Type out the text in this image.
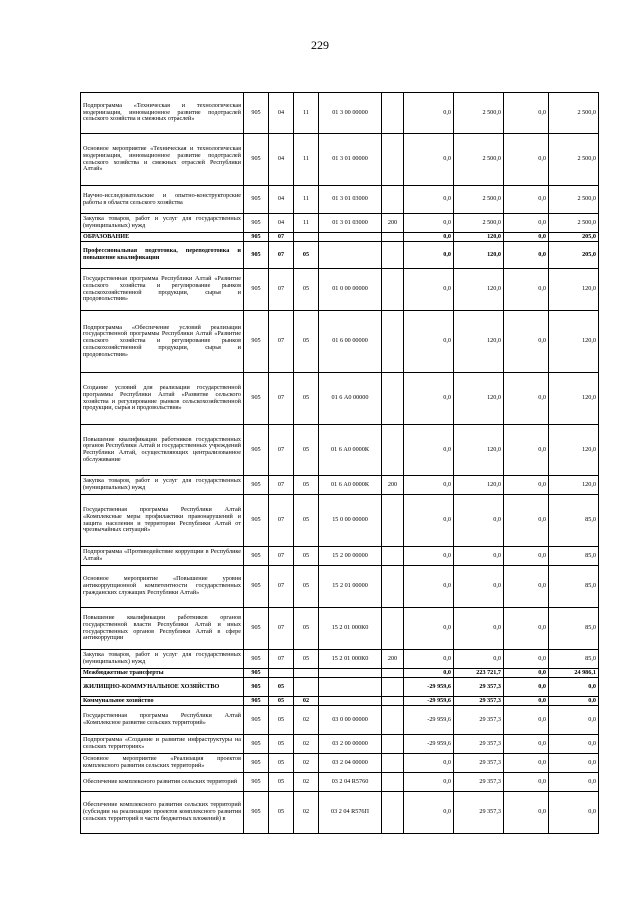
229
Подпрограмма «Техническая и технологическая модернизация, инновационное развитие подотраслей сельского хозяйства и смежных отраслей»	905	04	11	01 3 00 00000		0,0	2 500,0	0,0	2 500,0
Основное мероприятие «Техническая и технологическая модернизация, инновационное развитие подотраслей сельского хозяйства и смежных отраслей Республики Алтай»	905	04	11	01 3 01 00000		0,0	2 500,0	0,0	2 500,0
Научно-исследовательские и опытно-конструкторские работы в области сельского хозяйства	905	04	11	01 3 01 03000		0,0	2 500,0	0,0	2 500,0
Закупка товаров, работ и услуг для государственных (муниципальных) нужд	905	04	11	01 3 01 03000	200	0,0	2 500,0	0,0	2 500,0
ОБРАЗОВАНИЕ	905	07				0,0	120,0	0,0	205,0
Профессиональная подготовка, переподготовка и повышение квалификации	905	07	05			0,0	120,0	0,0	205,0
Государственная программа Республики Алтай «Развитие сельского хозяйства и регулирование рынков сельскохозяйственной продукции, сырья и продовольствия»	905	07	05	01 0 00 00000		0,0	120,0	0,0	120,0
Подпрограмма «Обеспечение условий реализации государственной программы Республики Алтай «Развитие сельского хозяйства и регулирование рынков сельскохозяйственной продукции, сырья и продовольствия»	905	07	05	01 6 00 00000		0,0	120,0	0,0	120,0
Создание условий для реализации государственной программы Республики Алтай «Развитие сельского хозяйства и регулирование рынков сельскохозяйственной продукции, сырья и продовольствия»	905	07	05	01 6 А0 00000		0,0	120,0	0,0	120,0
Повышение квалификации работников государственных органов Республики Алтай и государственных учреждений Республики Алтай, осуществляющих централизованное обслуживание	905	07	05	01 6 А0 0000К		0,0	120,0	0,0	120,0
Закупка товаров, работ и услуг для государственных (муниципальных) нужд	905	07	05	01 6 А0 0000К	200	0,0	120,0	0,0	120,0
Государственная программа Республики Алтай «Комплексные меры профилактики правонарушений и защита населения и территории Республики Алтай от чрезвычайных ситуаций»	905	07	05	15 0 00 00000		0,0	0,0	0,0	85,0
Подпрограмма «Противодействие коррупции в Республике Алтай»	905	07	05	15 2 00 00000		0,0	0,0	0,0	85,0
Основное мероприятие «Повышение уровня антикоррупционной компетентности государственных гражданских служащих Республики Алтай»	905	07	05	15 2 01 00000		0,0	0,0	0,0	85,0
Повышение квалификации работников органов государственной власти Республики Алтай и иных государственных органов Республики Алтай в сфере антикоррупции	905	07	05	15 2 01 000К0		0,0	0,0	0,0	85,0
Закупка товаров, работ и услуг для государственных (муниципальных) нужд	905	07	05	15 2 01 000К0	200	0,0	0,0	0,0	85,0
Межбюджетные трансферты	905					0,0	223 721,7	0,0	24 986,1
ЖИЛИЩНО-КОММУНАЛЬНОЕ ХОЗЯЙСТВО	905	05				-29 959,6	29 357,3	0,0	0,0
Коммунальное хозяйство	905	05	02			-29 959,6	29 357,3	0,0	0,0
Государственная программа Республики Алтай «Комплексное развитие сельских территорий»	905	05	02	03 0 00 00000		-29 959,6	29 357,3	0,0	0,0
Подпрограмма «Создание и развитие инфраструктуры на сельских территориях»	905	05	02	03 2 00 00000		-29 959,6	29 357,3	0,0	0,0
Основное мероприятие «Реализация проектов комплексного развития сельских территорий»	905	05	02	03 2 04 00000		0,0	29 357,3	0,0	0,0
Обеспечение комплексного развития сельских территорий	905	05	02	03 2 04 R5760		0,0	29 357,3	0,0	0,0
Обеспечение комплексного развития сельских территорий (субсидии на реализацию проектов комплексного развития сельских территорий в части бюджетных вложений) в	905	05	02	03 2 04 R576П		0,0	29 357,3	0,0	0,0
